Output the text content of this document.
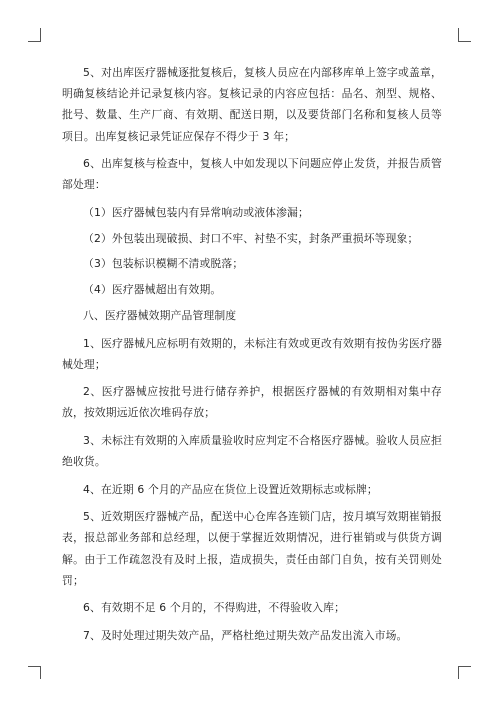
5、对出库医疗器械逐批复核后，复核人员应在内部移库单上签字或盖章，明确复核结论并记录复核内容。复核记录的内容应包括：品名、剂型、规格、批号、数量、生产厂商、有效期、配送日期，以及要货部门名称和复核人员等项目。出库复核记录凭证应保存不得少于 3 年；

6、出库复核与检查中，复核人中如发现以下问题应停止发货，并报告质管部处理：

（1）医疗器械包装内有异常响动或液体渗漏；

（2）外包装出现破损、封口不牢、衬垫不实，封条严重损坏等现象；

（3）包装标识模糊不清或脱落；

（4）医疗器械超出有效期。

八、医疗器械效期产品管理制度

1、医疗器械凡应标明有效期的，未标注有效或更改有效期有按伪劣医疗器械处理；

2、医疗器械应按批号进行储存养护，根据医疗器械的有效期相对集中存放，按效期远近依次堆码存放；

3、未标注有效期的入库质量验收时应判定不合格医疗器械。验收人员应拒绝收货。

4、在近期 6 个月的产品应在货位上设置近效期标志或标牌；

5、近效期医疗器械产品，配送中心仓库各连锁门店，按月填写效期崔销报表，报总部业务部和总经理，以便于掌握近效期情况，进行崔销或与供货方调解。由于工作疏忽没有及时上报，造成损失，责任由部门自负，按有关罚则处罚；

6、有效期不足 6 个月的，不得购进，不得验收入库；

7、及时处理过期失效产品，严格杜绝过期失效产品发出流入市场。
